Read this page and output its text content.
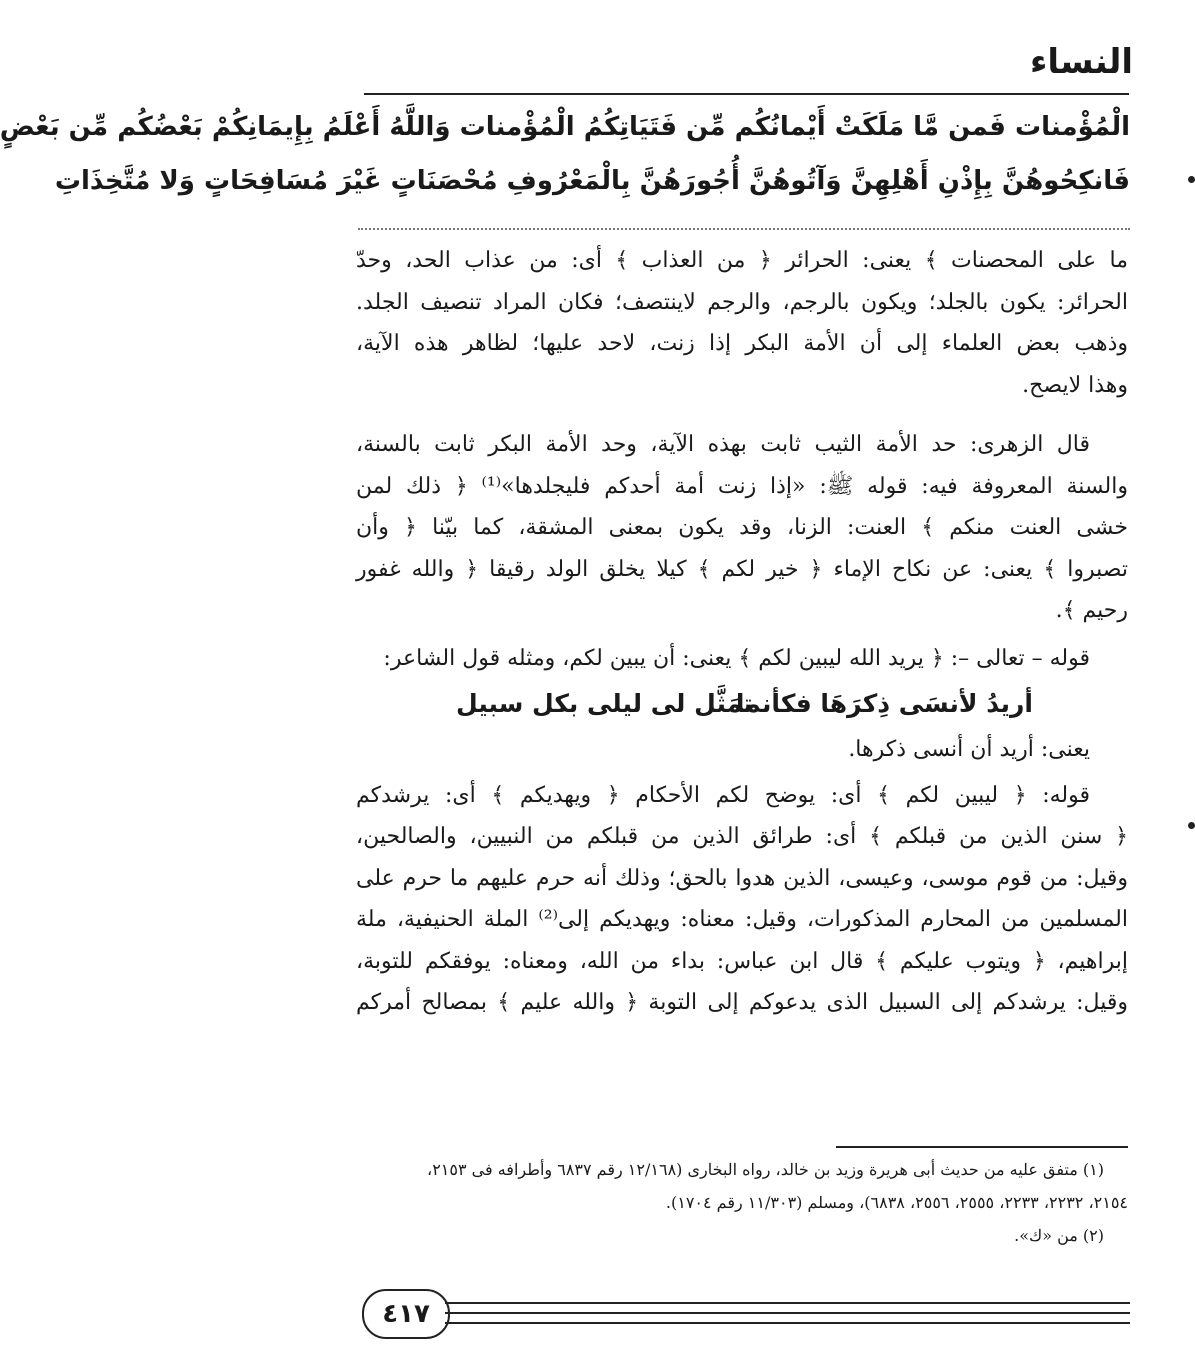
النساء
الْمُؤْمنات فَمن مَّا مَلَكَتْ أَيْمانُكُم مِّن فَتَيَاتِكُمُ الْمُؤْمنات وَاللَّهُ أَعْلَمُ بِإِيمَانِكُمْ بَعْضُكُم مِّن بَعْضٍ
فَانكِحُوهُنَّ بِإِذْنِ أَهْلِهِنَّ وَآتُوهُنَّ أُجُورَهُنَّ بِالْمَعْرُوفِ مُحْصَنَاتٍ غَيْرَ مُسَافِحَاتٍ وَلا مُتَّخِذَاتِ

ما على المحصنات ﴾ يعنى: الحرائر ﴿ من العذاب ﴾ أى: من عذاب الحد، وحدّ
الحرائر: يكون بالجلد؛ ويكون بالرجم، والرجم لاينتصف؛ فكان المراد تنصيف الجلد.
وذهب بعض العلماء إلى أن الأمة البكر إذا زنت، لاحد عليها؛ لظاهر هذه الآية،
وهذا لايصح.

قال الزهرى: حد الأمة الثيب ثابت بهذه الآية، وحد الأمة البكر ثابت بالسنة،
والسنة المعروفة فيه: قوله ﷺ: «إذا زنت أمة أحدكم فليجلدها»⁽¹⁾ ﴿ ذلك لمن
خشى العنت منكم ﴾ العنت: الزنا، وقد يكون بمعنى المشقة، كما بيّنا ﴿ وأن
تصبروا ﴾ يعنى: عن نكاح الإماء ﴿ خير لكم ﴾ كيلا يخلق الولد رقيقا ﴿ والله غفور
رحيم ﴾.

قوله – تعالى –: ﴿ يريد الله ليبين لكم ﴾ يعنى: أن يبين لكم، ومثله قول الشاعر:

أريدُ لأنسَى ذِكرَهَا فكأنما
تمَثَّل لى ليلى بكل سبيل

يعنى: أريد أن أنسى ذكرها.

قوله: ﴿ ليبين لكم ﴾ أى: يوضح لكم الأحكام ﴿ ويهديكم ﴾ أى: يرشدكم
﴿ سنن الذين من قبلكم ﴾ أى: طرائق الذين من قبلكم من النبيين، والصالحين،
وقيل: من قوم موسى، وعيسى، الذين هدوا بالحق؛ وذلك أنه حرم عليهم ما حرم على
المسلمين من المحارم المذكورات، وقيل: معناه: ويهديكم إلى⁽²⁾ الملة الحنيفية، ملة
إبراهيم، ﴿ ويتوب عليكم ﴾ قال ابن عباس: بداء من الله، ومعناه: يوفقكم للتوبة،
وقيل: يرشدكم إلى السبيل الذى يدعوكم إلى التوبة ﴿ والله عليم ﴾ بمصالح أمركم

(١) متفق عليه من حديث أبى هريرة وزيد بن خالد، رواه البخارى (١٢/١٦٨ رقم ٦٨٣٧ وأطرافه فى ٢١٥٣،
٢١٥٤، ٢٢٣٢، ٢٢٣٣، ٢٥٥٥، ٢٥٥٦، ٦٨٣٨)، ومسلم (١١/٣٠٣ رقم ١٧٠٤).
(٢) من «ك».
٤١٧
